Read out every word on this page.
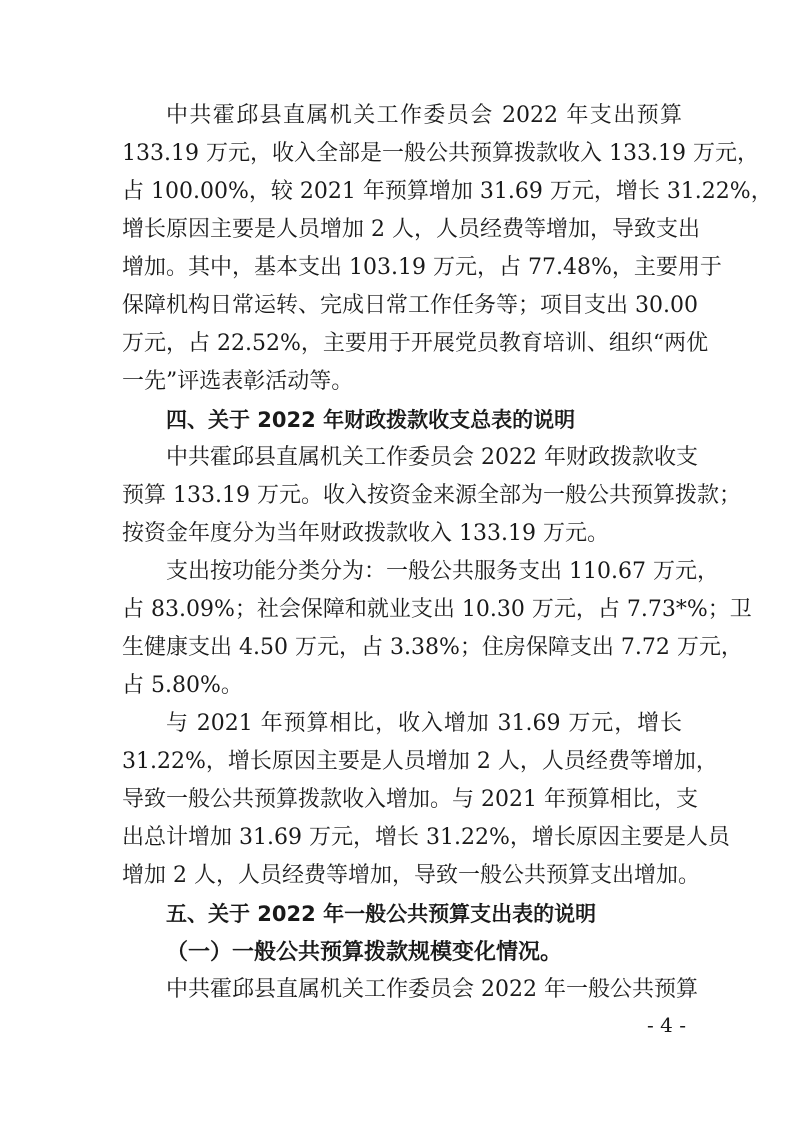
中共霍邱县直属机关工作委员会 2022 年支出预算
133.19 万元，收入全部是一般公共预算拨款收入 133.19 万元，
占 100.00%，较 2021 年预算增加 31.69 万元，增长 31.22%，
增长原因主要是人员增加 2 人，人员经费等增加，导致支出
增加。其中，基本支出 103.19 万元，占 77.48%，主要用于
保障机构日常运转、完成日常工作任务等；项目支出 30.00
万元，占 22.52%，主要用于开展党员教育培训、组织“两优
一先”评选表彰活动等。
四、关于 2022 年财政拨款收支总表的说明
中共霍邱县直属机关工作委员会 2022 年财政拨款收支
预算 133.19 万元。收入按资金来源全部为一般公共预算拨款；
按资金年度分为当年财政拨款收入 133.19 万元。
支出按功能分类分为：一般公共服务支出 110.67 万元，
占 83.09%；社会保障和就业支出 10.30 万元，占 7.73*%；卫
生健康支出 4.50 万元，占 3.38%；住房保障支出 7.72 万元，
占 5.80%。
与 2021 年预算相比，收入增加 31.69 万元，增长
31.22%，增长原因主要是人员增加 2 人，人员经费等增加，
导致一般公共预算拨款收入增加。与 2021 年预算相比，支
出总计增加 31.69 万元，增长 31.22%，增长原因主要是人员
增加 2 人，人员经费等增加，导致一般公共预算支出增加。
五、关于 2022 年一般公共预算支出表的说明
（一）一般公共预算拨款规模变化情况。
中共霍邱县直属机关工作委员会 2022 年一般公共预算
- 4 -
